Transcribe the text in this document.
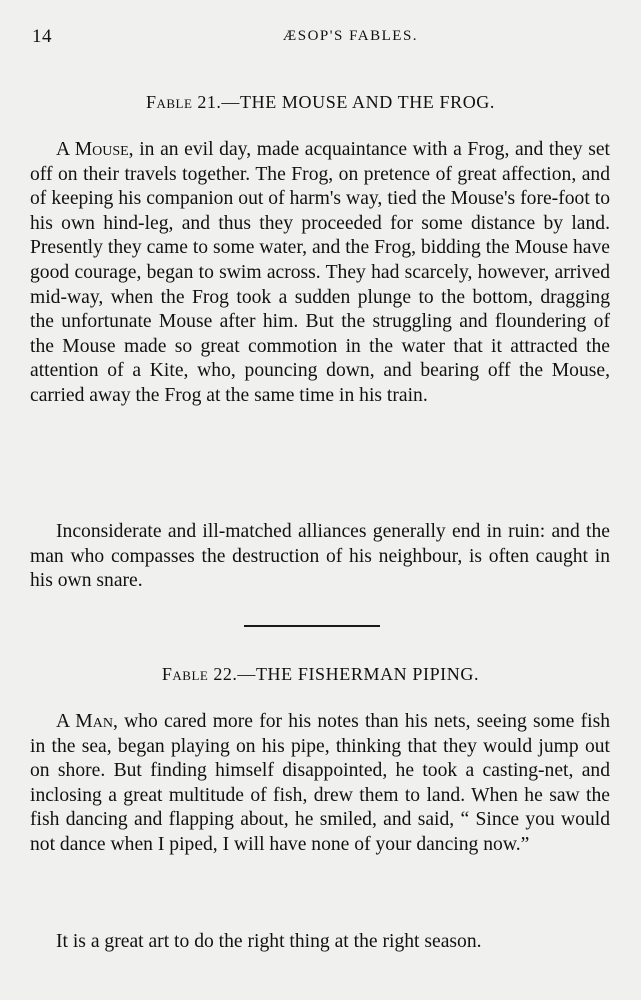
14	ÆSOP'S FABLES.
Fable 21.—THE MOUSE AND THE FROG.

A Mouse, in an evil day, made acquaintance with a Frog, and they set off on their travels together. The Frog, on pretence of great affection, and of keeping his companion out of harm's way, tied the Mouse's fore-foot to his own hind-leg, and thus they proceeded for some distance by land. Presently they came to some water, and the Frog, bidding the Mouse have good courage, began to swim across. They had scarcely, however, arrived mid-way, when the Frog took a sudden plunge to the bottom, dragging the unfortunate Mouse after him. But the struggling and floundering of the Mouse made so great commotion in the water that it attracted the attention of a Kite, who, pouncing down, and bearing off the Mouse, carried away the Frog at the same time in his train.

Inconsiderate and ill-matched alliances generally end in ruin: and the man who compasses the destruction of his neighbour, is often caught in his own snare.

Fable 22.—THE FISHERMAN PIPING.

A Man, who cared more for his notes than his nets, seeing some fish in the sea, began playing on his pipe, thinking that they would jump out on shore. But finding himself disappointed, he took a casting-net, and inclosing a great multitude of fish, drew them to land. When he saw the fish dancing and flapping about, he smiled, and said, “ Since you would not dance when I piped, I will have none of your dancing now.”

It is a great art to do the right thing at the right season.
